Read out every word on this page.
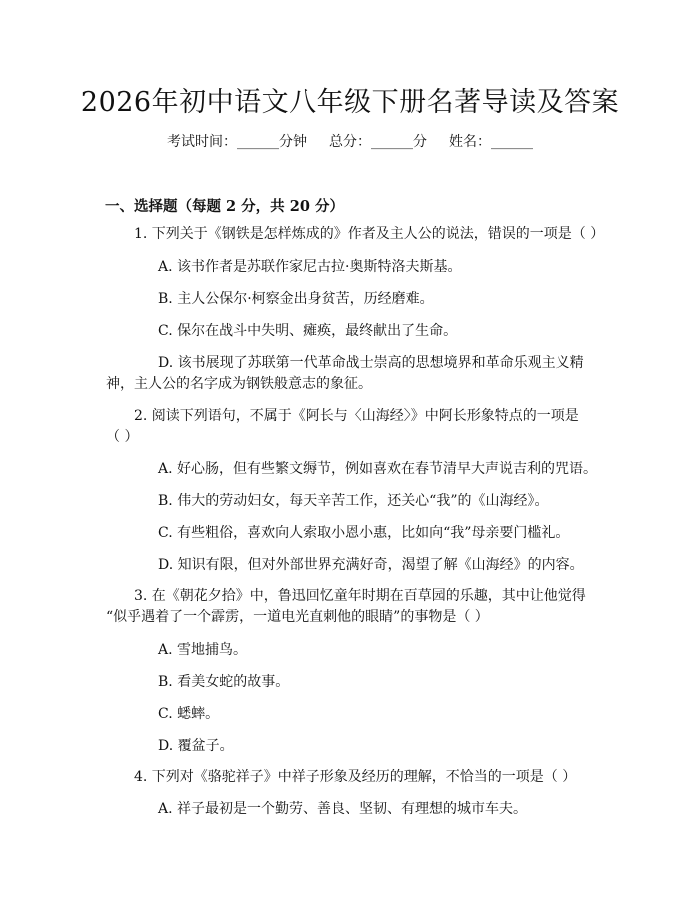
2026年初中语文八年级下册名著导读及答案
考试时间：______分钟 总分：______分 姓名：______
一、选择题（每题 2 分，共 20 分）
1. 下列关于《钢铁是怎样炼成的》作者及主人公的说法，错误的一项是（ ）
A. 该书作者是苏联作家尼古拉·奥斯特洛夫斯基。
B. 主人公保尔·柯察金出身贫苦，历经磨难。
C. 保尔在战斗中失明、瘫痪，最终献出了生命。
D. 该书展现了苏联第一代革命战士崇高的思想境界和革命乐观主义精
神，主人公的名字成为钢铁般意志的象征。
2. 阅读下列语句，不属于《阿长与〈山海经〉》中阿长形象特点的一项是
（ ）
A. 好心肠，但有些繁文缛节，例如喜欢在春节清早大声说吉利的咒语。
B. 伟大的劳动妇女，每天辛苦工作，还关心“我”的《山海经》。
C. 有些粗俗，喜欢向人索取小恩小惠，比如向“我”母亲要门槛礼。
D. 知识有限，但对外部世界充满好奇，渴望了解《山海经》的内容。
3. 在《朝花夕拾》中，鲁迅回忆童年时期在百草园的乐趣，其中让他觉得
“似乎遇着了一个霹雳，一道电光直刺他的眼睛”的事物是（ ）
A. 雪地捕鸟。
B. 看美女蛇的故事。
C. 蟋蟀。
D. 覆盆子。
4. 下列对《骆驼祥子》中祥子形象及经历的理解，不恰当的一项是（ ）
A. 祥子最初是一个勤劳、善良、坚韧、有理想的城市车夫。
